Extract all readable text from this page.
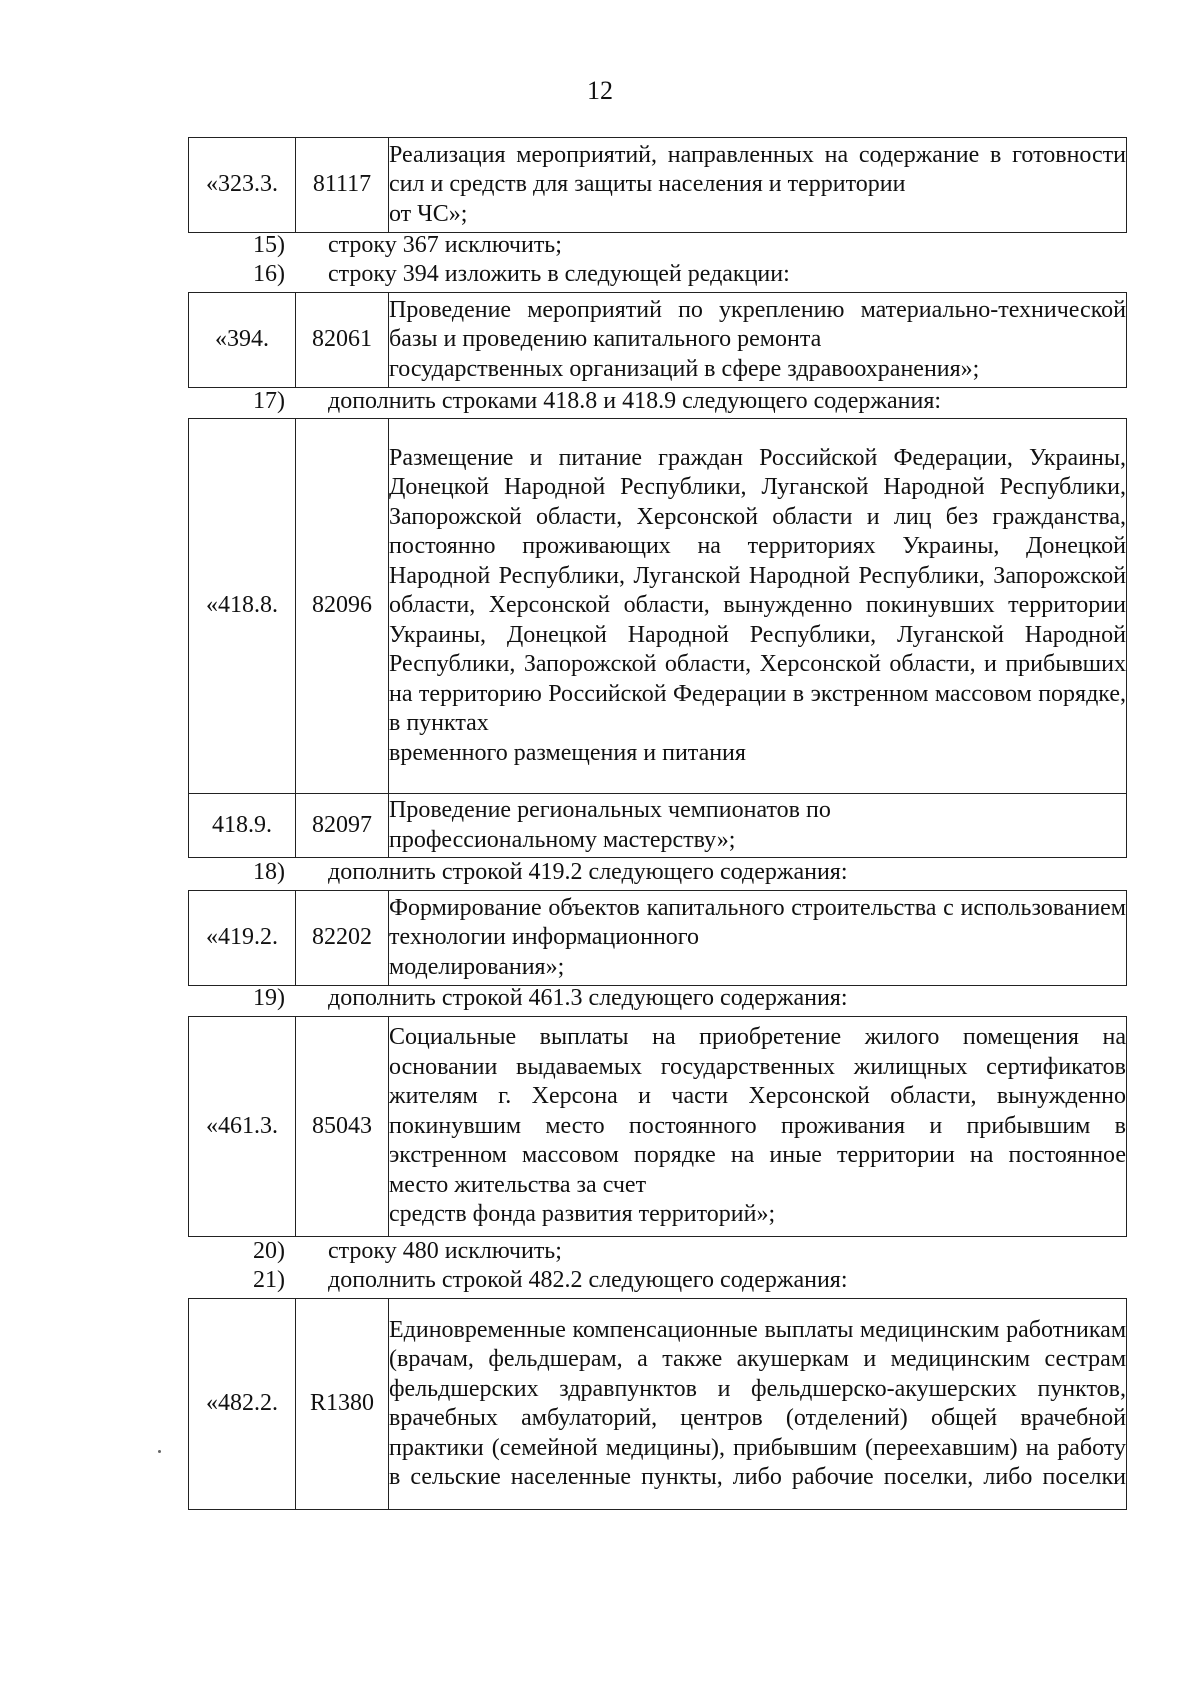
12
«323.3.	81117	Реализация мероприятий, направленных на содержание в готовности сил и средств для защиты населения и территории
от ЧС»;
15) строку 367 исключить;
16) строку 394 изложить в следующей редакции:
«394.	82061	Проведение мероприятий по укреплению материально-технической базы и проведению капитального ремонта
государственных организаций в сфере здравоохранения»;
17) дополнить строками 418.8 и 418.9 следующего содержания:
«418.8.	82096	Размещение и питание граждан Российской Федерации, Украины, Донецкой Народной Республики, Луганской Народной Республики, Запорожской области, Херсонской области и лиц без гражданства, постоянно проживающих на территориях Украины, Донецкой Народной Республики, Луганской Народной Республики, Запорожской области, Херсонской области, вынужденно покинувших территории Украины, Донецкой Народной Республики, Луганской Народной Республики, Запорожской области, Херсонской области, и прибывших на территорию Российской Федерации в экстренном массовом порядке, в пунктах
временного размещения и питания

418.9.	82097	Проведение региональных чемпионатов по
профессиональному мастерству»;
18) дополнить строкой 419.2 следующего содержания:
«419.2.	82202	Формирование объектов капитального строительства с использованием технологии информационного
моделирования»;
19) дополнить строкой 461.3 следующего содержания:
«461.3.	85043	Социальные выплаты на приобретение жилого помещения на основании выдаваемых государственных жилищных сертификатов жителям г. Херсона и части Херсонской области, вынужденно покинувшим место постоянного проживания и прибывшим в экстренном массовом порядке на иные территории на постоянное место жительства за счет
средств фонда развития территорий»;
20) строку 480 исключить;
21) дополнить строкой 482.2 следующего содержания:
«482.2.	R1380	Единовременные компенсационные выплаты медицинским работникам (врачам, фельдшерам, а также акушеркам и медицинским сестрам фельдшерских здравпунктов и фельдшерско-акушерских пунктов, врачебных амбулаторий, центров (отделений) общей врачебной практики (семейной медицины), прибывшим (переехавшим) на работу в сельские населенные пункты, либо рабочие поселки, либо поселки
